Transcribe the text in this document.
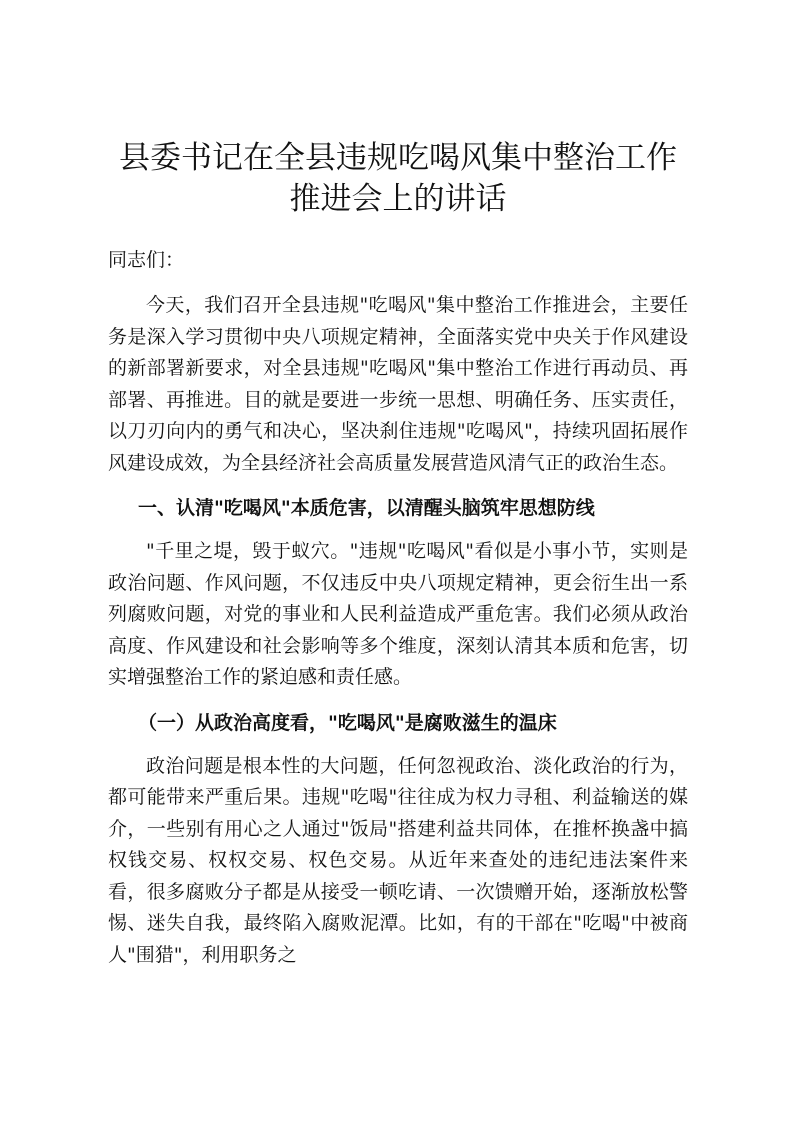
县委书记在全县违规吃喝风集中整治工作推进会上的讲话

同志们：

今天，我们召开全县违规"吃喝风"集中整治工作推进会，主要任务是深入学习贯彻中央八项规定精神，全面落实党中央关于作风建设的新部署新要求，对全县违规"吃喝风"集中整治工作进行再动员、再部署、再推进。目的就是要进一步统一思想、明确任务、压实责任，以刀刃向内的勇气和决心，坚决刹住违规"吃喝风"，持续巩固拓展作风建设成效，为全县经济社会高质量发展营造风清气正的政治生态。

一、认清"吃喝风"本质危害，以清醒头脑筑牢思想防线

"千里之堤，毁于蚁穴。"违规"吃喝风"看似是小事小节，实则是政治问题、作风问题，不仅违反中央八项规定精神，更会衍生出一系列腐败问题，对党的事业和人民利益造成严重危害。我们必须从政治高度、作风建设和社会影响等多个维度，深刻认清其本质和危害，切实增强整治工作的紧迫感和责任感。

（一）从政治高度看，"吃喝风"是腐败滋生的温床

政治问题是根本性的大问题，任何忽视政治、淡化政治的行为，都可能带来严重后果。违规"吃喝"往往成为权力寻租、利益输送的媒介，一些别有用心之人通过"饭局"搭建利益共同体，在推杯换盏中搞权钱交易、权权交易、权色交易。从近年来查处的违纪违法案件来看，很多腐败分子都是从接受一顿吃请、一次馈赠开始，逐渐放松警惕、迷失自我，最终陷入腐败泥潭。比如，有的干部在"吃喝"中被商人"围猎"，利用职务之
